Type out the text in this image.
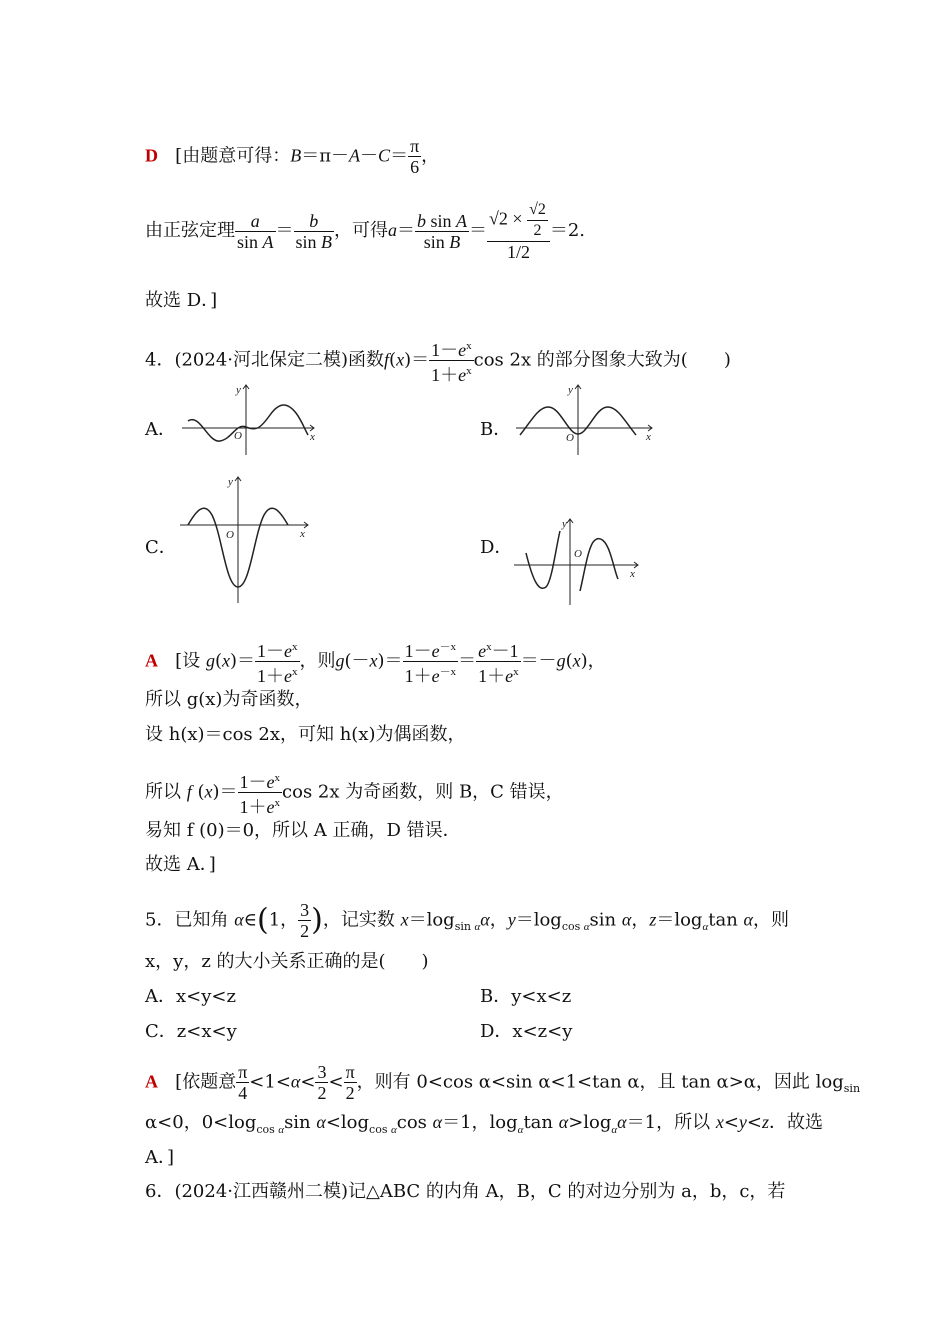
D [由题意可得：$B=\pi-A-C= \frac{\pi}{6}$ ，
由正弦定理 $\frac{a}{\text{sin A}} = \frac{b}{\text{sin B}}$ ，可得$a= \frac{\text{b sin A}}{\text{sin B}} = \frac{√2 \times \frac{√2}{2}}{1/2} =2$.
故选 D．]
4．(2024·河北保定二模)函数$f(x)= \frac{1-e^x}{1+e^x}$ cos 2x 的部分图象大致为(　　)
A．	O	x
y
B．	O	x
y
C．
O	x
y
D．	O
x
y
A [设 $g(x)= \frac{1-e^x}{1+e^x}$ ，则$g(-x)= \frac{1-e^{-x}}{1+e^{-x}} = \frac{e^x-1}{1+e^x} =-g(x)$，
所以 g(x)为奇函数，
设 h(x)＝cos 2x，可知 h(x)为偶函数，
所以 f $(x)= \frac{1-e^x}{1+e^x}$ cos 2x 为奇函数，则 B，C 错误，
易知 f (0)＝0，所以 A 正确，D 错误．
故选 A．]
5．已知角 α∈(1， $\frac{3}{2}$ )，记实数 $x=\log_{sin \alpha}\alpha$，$y=\log_{cos \alpha}\sin$ α，$z=\log_\alpha\tan$ α，则
x，y，z 的大小关系正确的是(　　)
A．x<y<z	B．y<x<z
C．z<x<y	D．x<z<y
A [依题意 $\frac{\pi}{4} <1<\alpha< \frac{3}{2} < \frac{\pi}{2}$ ，则有 0<cos α<sin α<1<tan α，且 tan α>α，因此 $\log_{sin}$
α<0，$0<\log_{cos \alpha}\sin$ $\alpha<\log_{cos \alpha}\cos$ α＝1，$\log_\alpha\tan$ $\alpha>\log_\alpha\alpha=1$，所以 x<y<z．故选
A．]
6．(2024·江西赣州二模)记△ABC 的内角 A，B，C 的对边分别为 a，b，c，若
